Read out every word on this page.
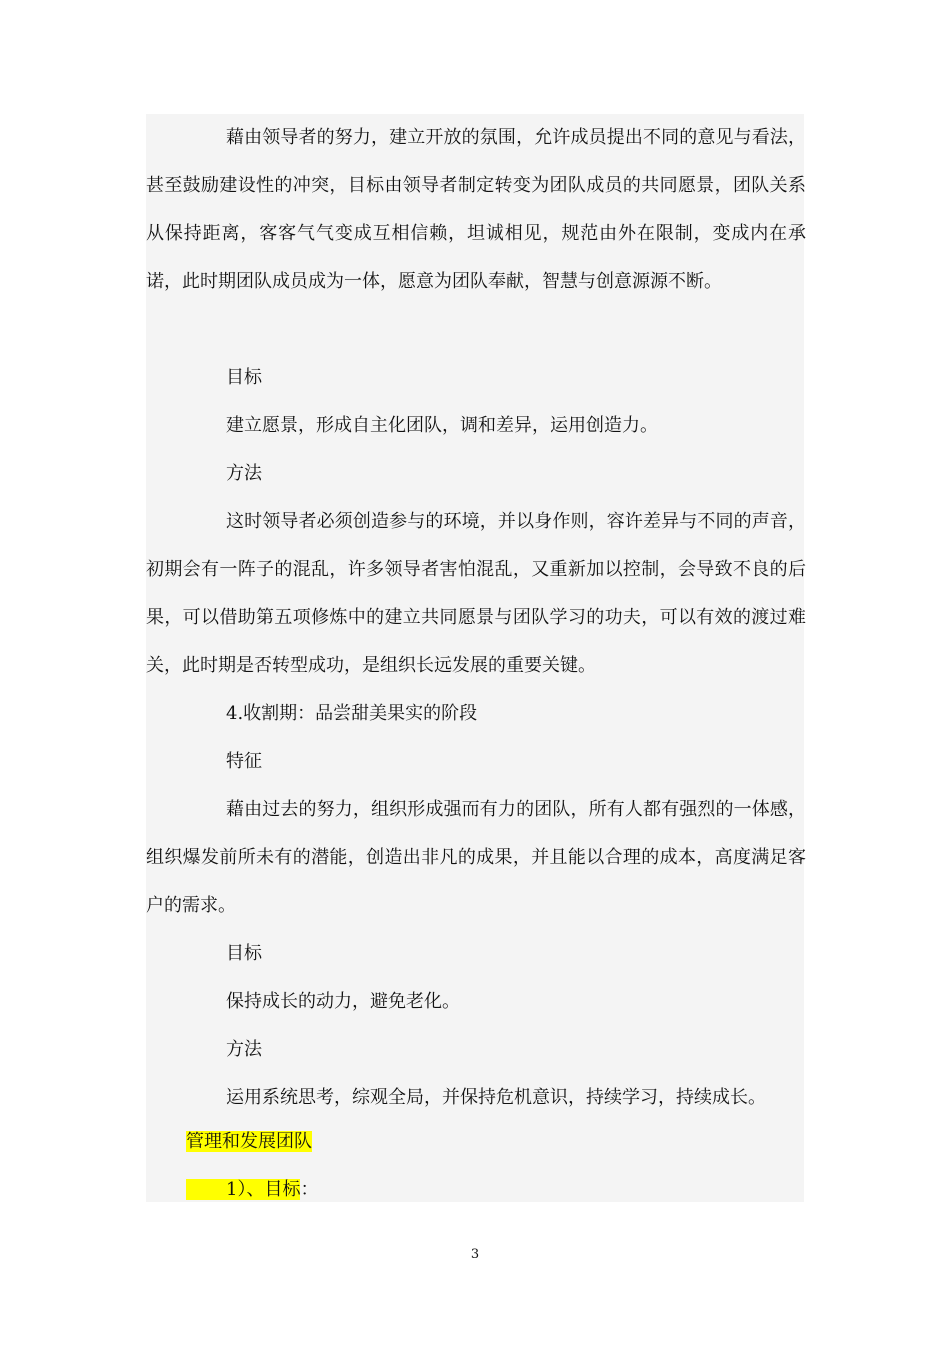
藉由领导者的努力，建立开放的氛围，允许成员提出不同的意见与看法，甚至鼓励建设性的冲突，目标由领导者制定转变为团队成员的共同愿景，团队关系从保持距离，客客气气变成互相信赖，坦诚相见，规范由外在限制，变成内在承诺，此时期团队成员成为一体，愿意为团队奉献，智慧与创意源源不断。

目标

建立愿景，形成自主化团队，调和差异，运用创造力。

方法

这时领导者必须创造参与的环境，并以身作则，容许差异与不同的声音，初期会有一阵子的混乱，许多领导者害怕混乱，又重新加以控制，会导致不良的后果，可以借助第五项修炼中的建立共同愿景与团队学习的功夫，可以有效的渡过难关，此时期是否转型成功，是组织长远发展的重要关键。

4.收割期：品尝甜美果实的阶段

特征

藉由过去的努力，组织形成强而有力的团队，所有人都有强烈的一体感，组织爆发前所未有的潜能，创造出非凡的成果，并且能以合理的成本，高度满足客户的需求。

目标

保持成长的动力，避免老化。

方法

运用系统思考，综观全局，并保持危机意识，持续学习，持续成长。

管理和发展团队

1）、目标：

3
